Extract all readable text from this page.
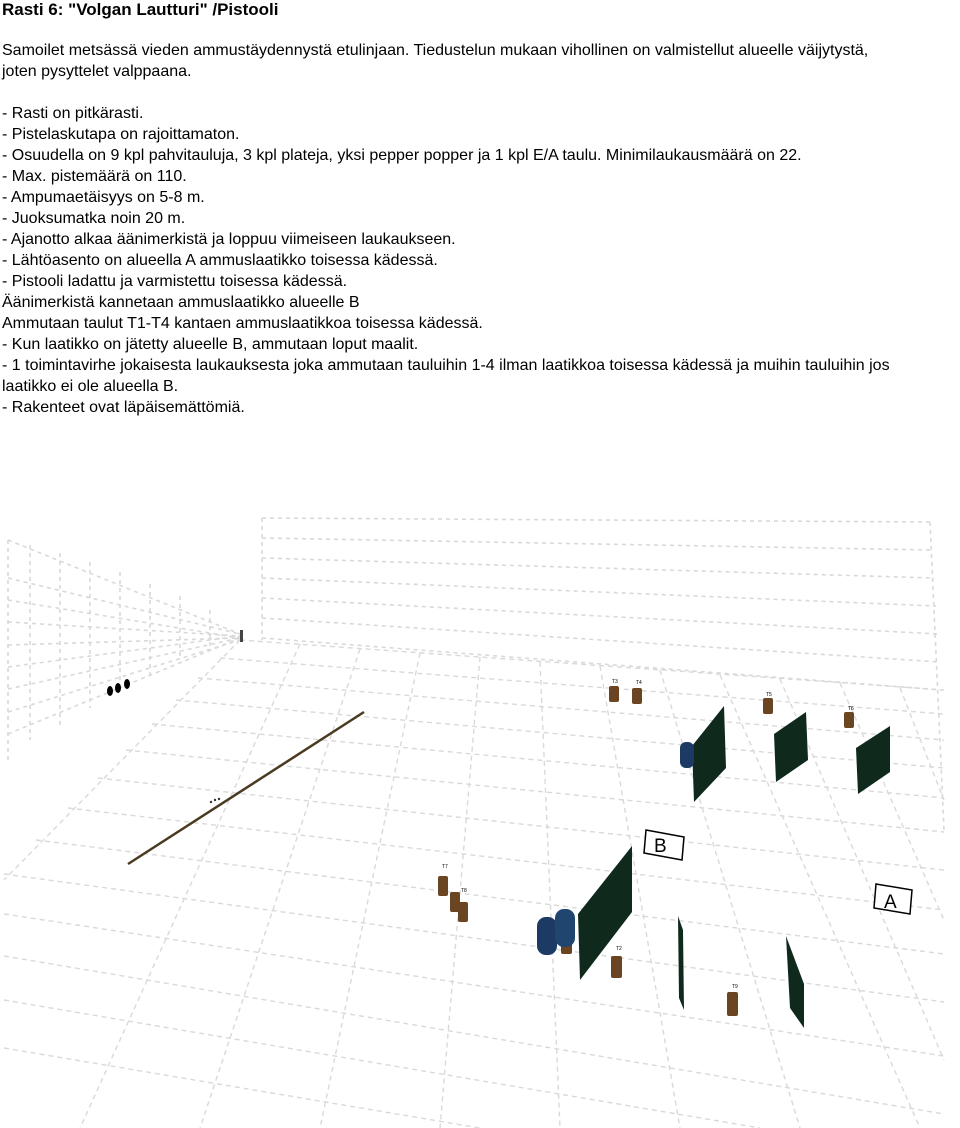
Rasti 6: "Volgan Lautturi" /Pistooli

Samoilet metsässä vieden ammustäydennystä etulinjaan. Tiedustelun mukaan vihollinen on valmistellut alueelle väijytystä, joten pysyttelet valppaana.

- Rasti on pitkärasti.
- Pistelaskutapa on rajoittamaton.
- Osuudella on 9 kpl pahvitauluja, 3 kpl plateja, yksi pepper popper ja 1 kpl E/A taulu. Minimilaukausmäärä on 22.
- Max. pistemäärä on 110.
- Ampumaetäisyys on 5-8 m.
- Juoksumatka noin 20 m.
- Ajanotto alkaa äänimerkistä ja loppuu viimeiseen laukaukseen.
- Lähtöasento on alueella A ammuslaatikko toisessa kädessä.
- Pistooli ladattu ja varmistettu toisessa kädessä.
Äänimerkistä kannetaan ammuslaatikko alueelle B
Ammutaan taulut T1-T4 kantaen ammuslaatikkoa toisessa kädessä.
- Kun laatikko on jätetty alueelle B, ammutaan loput maalit.
- 1 toimintavirhe jokaisesta laukauksesta joka ammutaan tauluihin 1-4 ilman laatikkoa toisessa kädessä ja muihin tauluihin jos laatikko ei ole alueella B.
- Rakenteet ovat läpäisemättömiä.
T3	T4
T5
T6
T7
T8
T2
T9
B
A
